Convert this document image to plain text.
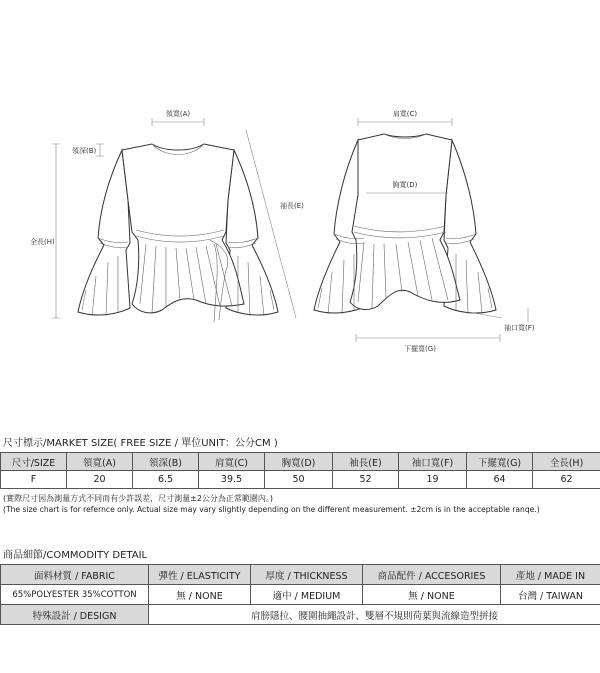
領寬(A)
領深(B)
全長(H)
袖長(E)
肩寬(C)
胸寬(D)
袖口寬(F)
下擺寬(G)
尺寸標示/MARKET SIZE( FREE SIZE / 單位UNIT：公分CM )
尺寸/SIZE	領寬(A)	領深(B)	肩寬(C)	胸寬(D)	袖長(E)	袖口寬(F)	下擺寬(G)	全長(H)
F	20	6.5	39.5	50	52	19	64	62
(實際尺寸因為測量方式不同而有少許誤差，尺寸測量±2公分為正常範圍內。)
(The size chart is for refernce only. Actual size may vary slightly depending on the different measurement. ±2cm is in the acceptable ranqe.)
商品細節/COMMODITY DETAIL
面料材質 / FABRIC	彈性 / ELASTICITY	厚度 / THICKNESS	商品配件 / ACCESORIES	產地 / MADE IN
65%POLYESTER 35%COTTON	無 / NONE	適中 / MEDIUM	無 / NONE	台灣 / TAIWAN
特殊設計 / DESIGN	肩膀隱拉、腰圍抽繩設計、雙層不規則荷葉與流線造型拼接			
